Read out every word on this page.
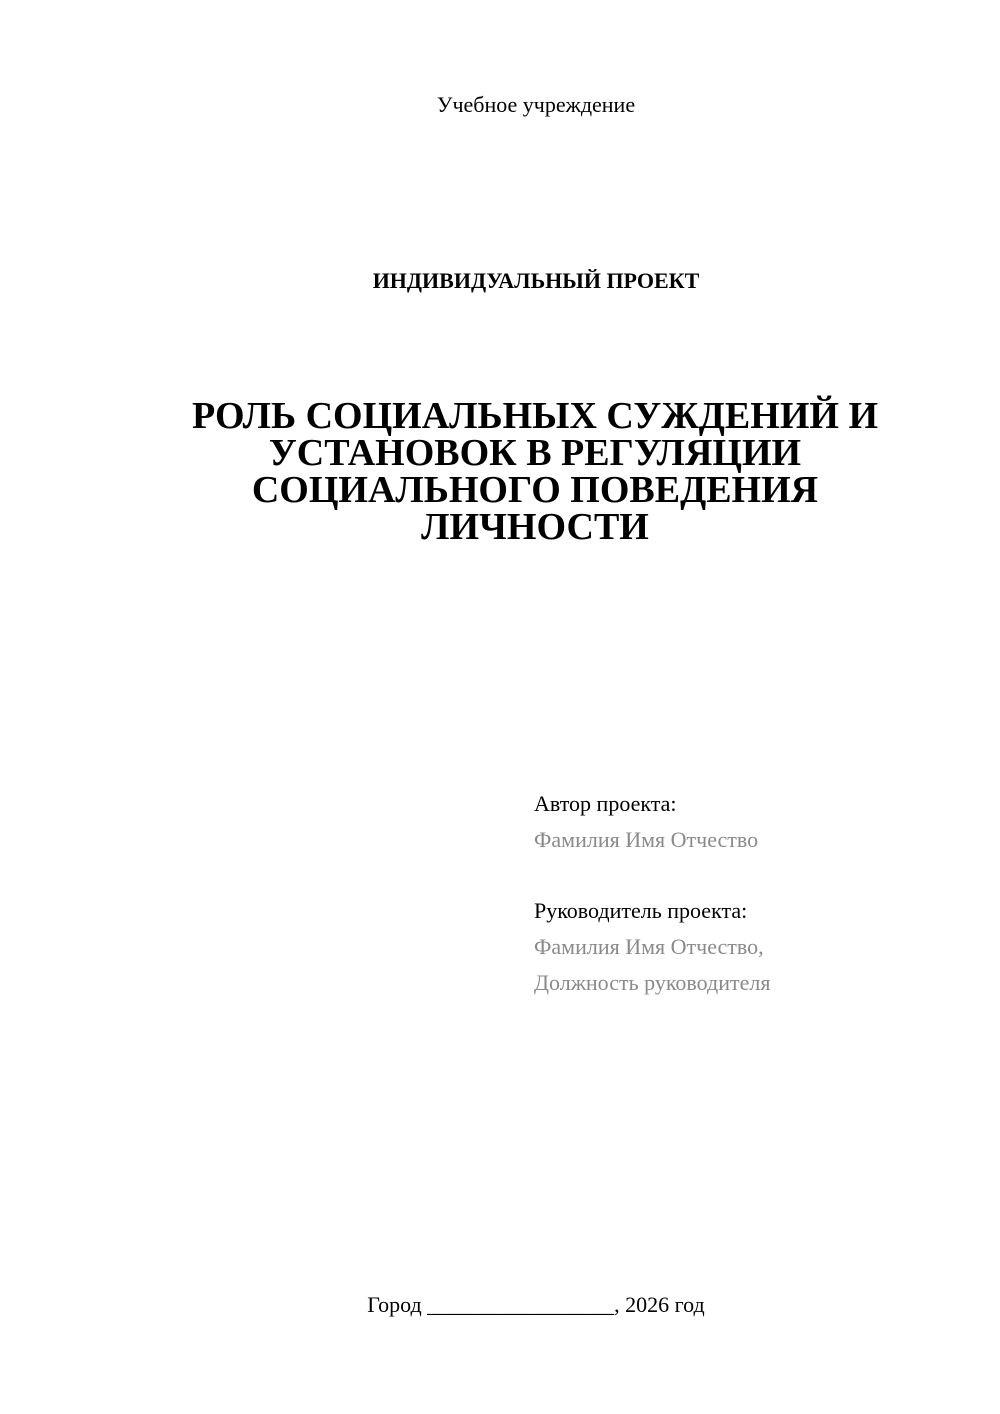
Учебное учреждение
ИНДИВИДУАЛЬНЫЙ ПРОЕКТ
РОЛЬ СОЦИАЛЬНЫХ СУЖДЕНИЙ И
УСТАНОВОК В РЕГУЛЯЦИИ
СОЦИАЛЬНОГО ПОВЕДЕНИЯ
ЛИЧНОСТИ
Автор проекта:
Фамилия Имя Отчество
Руководитель проекта:
Фамилия Имя Отчество,
Должность руководителя
Город _________________, 2026 год
